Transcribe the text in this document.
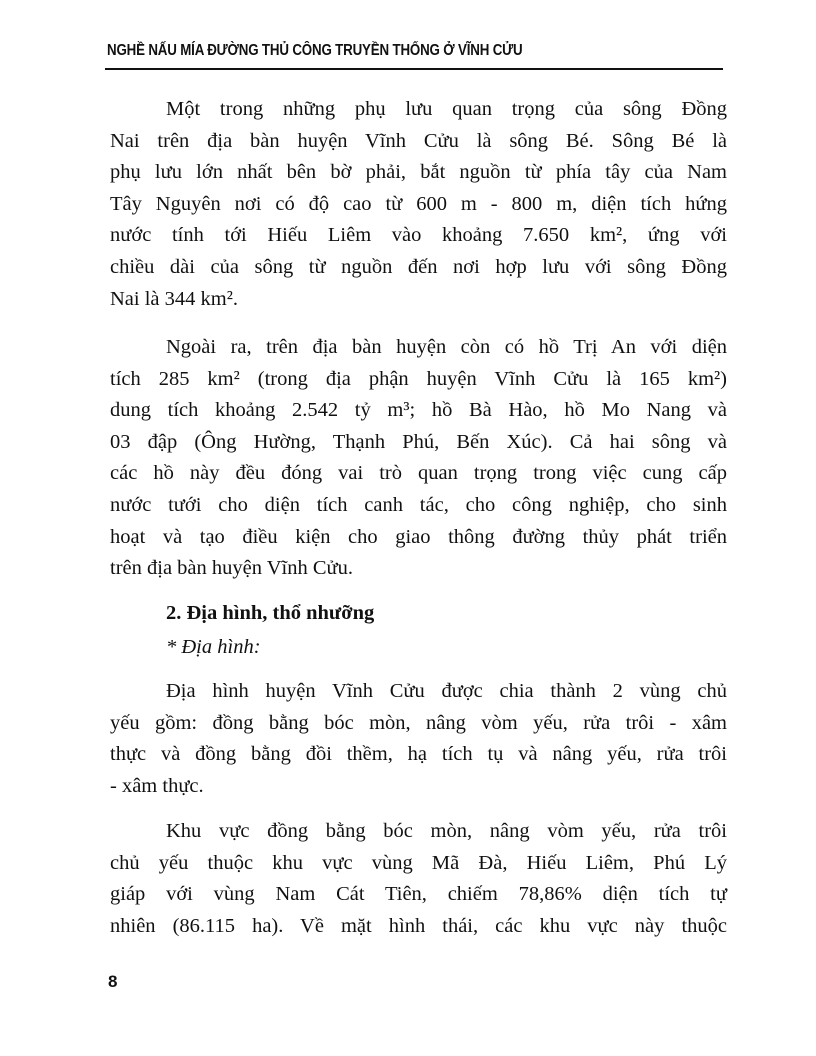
NGHỀ NẤU MÍA ĐƯỜNG THỦ CÔNG TRUYỀN THỐNG Ở VĨNH CỬU
Một trong những phụ lưu quan trọng của sông Đồng
Nai trên địa bàn huyện Vĩnh Cửu là sông Bé. Sông Bé là
phụ lưu lớn nhất bên bờ phải, bắt nguồn từ phía tây của Nam
Tây Nguyên nơi có độ cao từ 600 m - 800 m, diện tích hứng
nước tính tới Hiếu Liêm vào khoảng 7.650 km², ứng với
chiều dài của sông từ nguồn đến nơi hợp lưu với sông Đồng
Nai là 344 km².
Ngoài ra, trên địa bàn huyện còn có hồ Trị An với diện
tích 285 km² (trong địa phận huyện Vĩnh Cửu là 165 km²)
dung tích khoảng 2.542 tỷ m³; hồ Bà Hào, hồ Mo Nang và
03 đập (Ông Hường, Thạnh Phú, Bến Xúc). Cả hai sông và
các hồ này đều đóng vai trò quan trọng trong việc cung cấp
nước tưới cho diện tích canh tác, cho công nghiệp, cho sinh
hoạt và tạo điều kiện cho giao thông đường thủy phát triển
trên địa bàn huyện Vĩnh Cửu.
2. Địa hình, thổ nhưỡng
* Địa hình:
Địa hình huyện Vĩnh Cửu được chia thành 2 vùng chủ
yếu gồm: đồng bằng bóc mòn, nâng vòm yếu, rửa trôi - xâm
thực và đồng bằng đồi thềm, hạ tích tụ và nâng yếu, rửa trôi
- xâm thực.
Khu vực đồng bằng bóc mòn, nâng vòm yếu, rửa trôi
chủ yếu thuộc khu vực vùng Mã Đà, Hiếu Liêm, Phú Lý
giáp với vùng Nam Cát Tiên, chiếm 78,86% diện tích tự
nhiên (86.115 ha). Về mặt hình thái, các khu vực này thuộc
8
